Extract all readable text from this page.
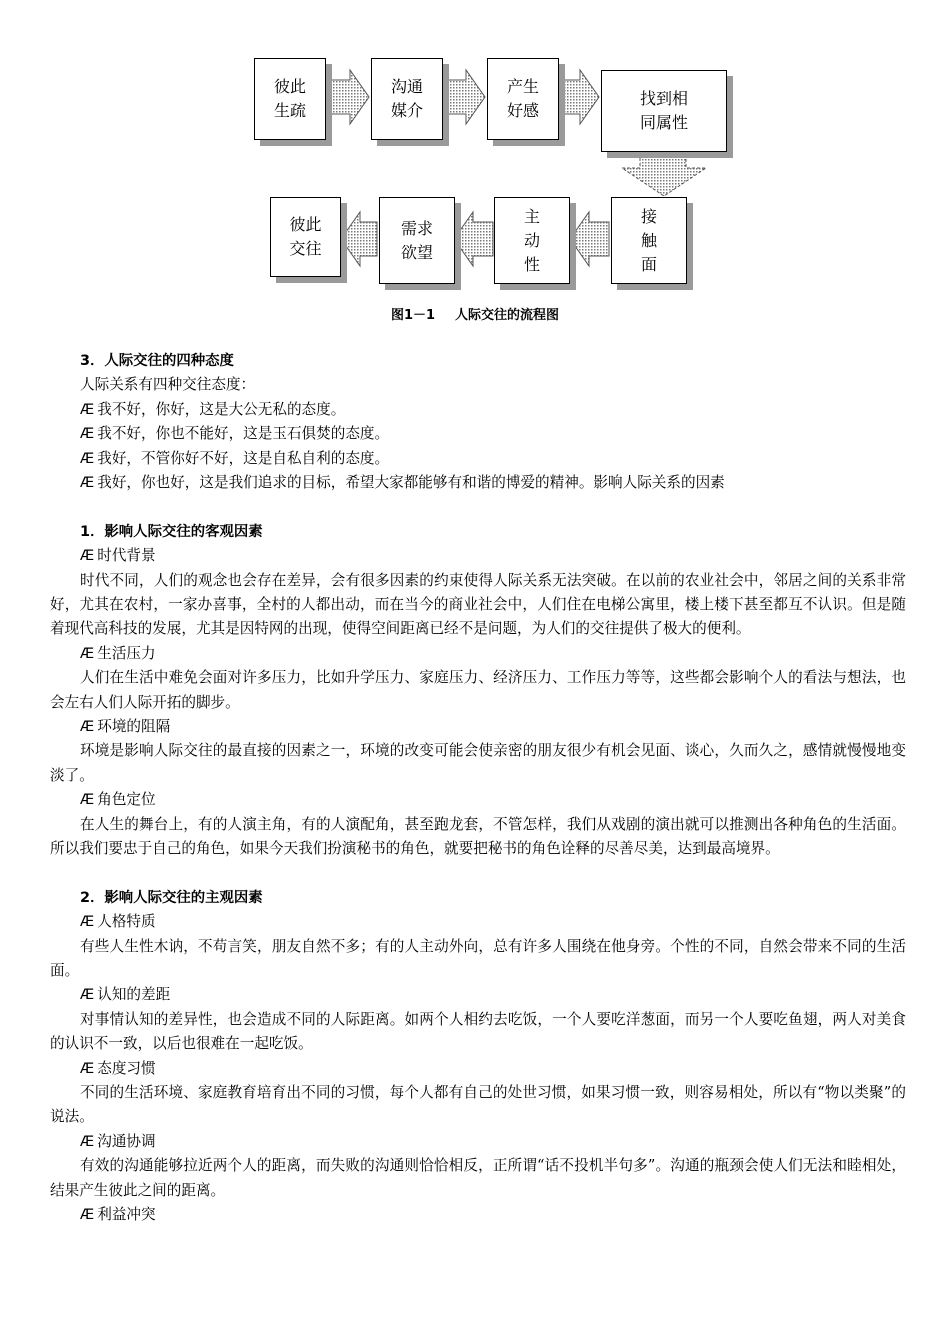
彼此
生疏
沟通
媒介
产生
好感
找到相
同属性
接
触
面
主
动
性
需求
欲望
彼此
交往
图1－1 人际交往的流程图
3．人际交往的四种态度
人际关系有四种交往态度：
Æ 我不好，你好，这是大公无私的态度。
Æ 我不好，你也不能好，这是玉石俱焚的态度。
Æ 我好，不管你好不好，这是自私自利的态度。
Æ 我好，你也好，这是我们追求的目标，希望大家都能够有和谐的博爱的精神。影响人际关系的因素
1．影响人际交往的客观因素
Æ 时代背景
时代不同，人们的观念也会存在差异，会有很多因素的约束使得人际关系无法突破。在以前的农业社会中，邻居之间的关系非常好，尤其在农村，一家办喜事，全村的人都出动，而在当今的商业社会中，人们住在电梯公寓里，楼上楼下甚至都互不认识。但是随着现代高科技的发展，尤其是因特网的出现，使得空间距离已经不是问题，为人们的交往提供了极大的便利。
Æ 生活压力
人们在生活中难免会面对许多压力，比如升学压力、家庭压力、经济压力、工作压力等等，这些都会影响个人的看法与想法，也会左右人们人际开拓的脚步。
Æ 环境的阻隔
环境是影响人际交往的最直接的因素之一，环境的改变可能会使亲密的朋友很少有机会见面、谈心，久而久之，感情就慢慢地变淡了。
Æ 角色定位
在人生的舞台上，有的人演主角，有的人演配角，甚至跑龙套，不管怎样，我们从戏剧的演出就可以推测出各种角色的生活面。所以我们要忠于自己的角色，如果今天我们扮演秘书的角色，就要把秘书的角色诠释的尽善尽美，达到最高境界。
2．影响人际交往的主观因素
Æ 人格特质
有些人生性木讷，不苟言笑，朋友自然不多；有的人主动外向，总有许多人围绕在他身旁。个性的不同，自然会带来不同的生活面。
Æ 认知的差距
对事情认知的差异性，也会造成不同的人际距离。如两个人相约去吃饭，一个人要吃洋葱面，而另一个人要吃鱼翅，两人对美食的认识不一致，以后也很难在一起吃饭。
Æ 态度习惯
不同的生活环境、家庭教育培育出不同的习惯，每个人都有自己的处世习惯，如果习惯一致，则容易相处，所以有“物以类聚”的说法。
Æ 沟通协调
有效的沟通能够拉近两个人的距离，而失败的沟通则恰恰相反，正所谓“话不投机半句多”。沟通的瓶颈会使人们无法和睦相处，结果产生彼此之间的距离。
Æ 利益冲突
